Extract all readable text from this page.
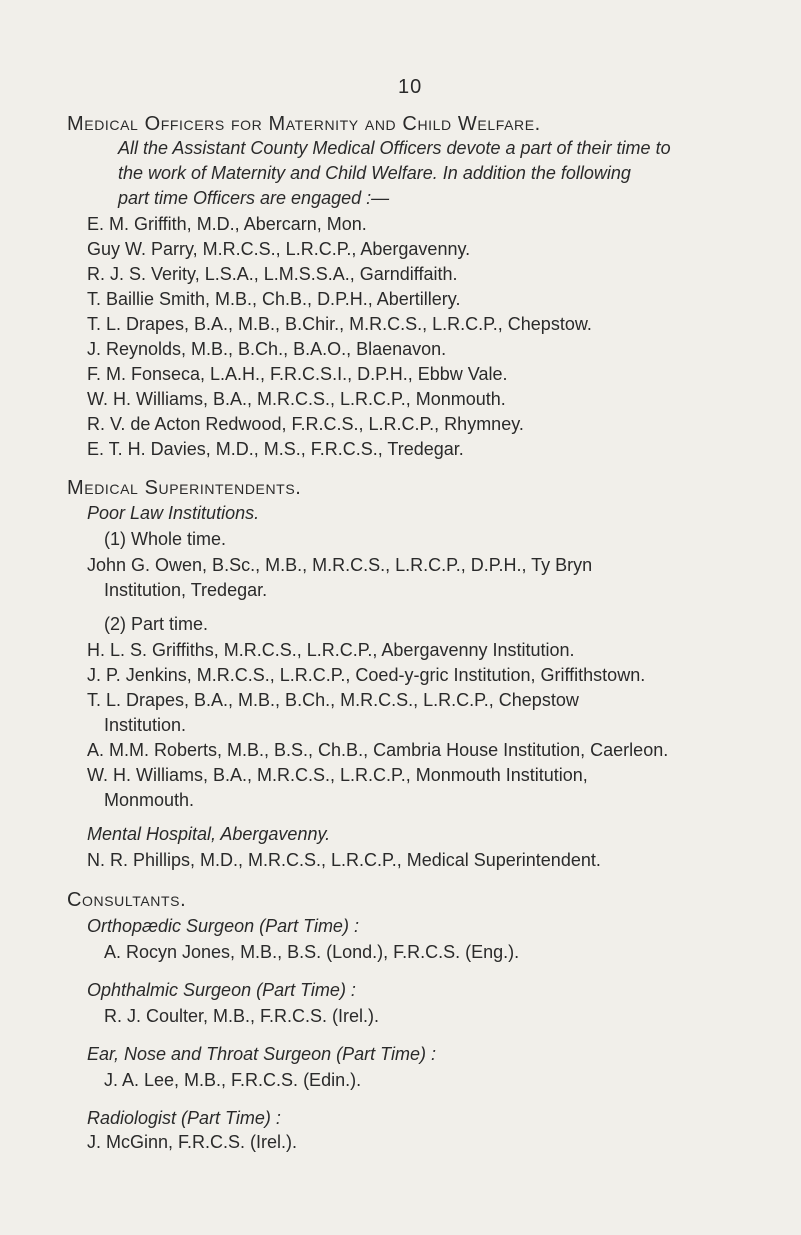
10
Medical Officers for Maternity and Child Welfare.
All the Assistant County Medical Officers devote a part of their time to
the work of Maternity and Child Welfare. In addition the following
part time Officers are engaged :—
E. M. Griffith, M.D., Abercarn, Mon.
Guy W. Parry, M.R.C.S., L.R.C.P., Abergavenny.
R. J. S. Verity, L.S.A., L.M.S.S.A., Garndiffaith.
T. Baillie Smith, M.B., Ch.B., D.P.H., Abertillery.
T. L. Drapes, B.A., M.B., B.Chir., M.R.C.S., L.R.C.P., Chepstow.
J. Reynolds, M.B., B.Ch., B.A.O., Blaenavon.
F. M. Fonseca, L.A.H., F.R.C.S.I., D.P.H., Ebbw Vale.
W. H. Williams, B.A., M.R.C.S., L.R.C.P., Monmouth.
R. V. de Acton Redwood, F.R.C.S., L.R.C.P., Rhymney.
E. T. H. Davies, M.D., M.S., F.R.C.S., Tredegar.
Medical Superintendents.
Poor Law Institutions.
(1) Whole time.
John G. Owen, B.Sc., M.B., M.R.C.S., L.R.C.P., D.P.H., Ty Bryn
Institution, Tredegar.
(2) Part time.
H. L. S. Griffiths, M.R.C.S., L.R.C.P., Abergavenny Institution.
J. P. Jenkins, M.R.C.S., L.R.C.P., Coed-y-gric Institution, Griffithstown.
T. L. Drapes, B.A., M.B., B.Ch., M.R.C.S., L.R.C.P., Chepstow
Institution.
A. M.M. Roberts, M.B., B.S., Ch.B., Cambria House Institution, Caerleon.
W. H. Williams, B.A., M.R.C.S., L.R.C.P., Monmouth Institution,
Monmouth.
Mental Hospital, Abergavenny.
N. R. Phillips, M.D., M.R.C.S., L.R.C.P., Medical Superintendent.
Consultants.
Orthopædic Surgeon (Part Time) :
A. Rocyn Jones, M.B., B.S. (Lond.), F.R.C.S. (Eng.).
Ophthalmic Surgeon (Part Time) :
R. J. Coulter, M.B., F.R.C.S. (Irel.).
Ear, Nose and Throat Surgeon (Part Time) :
J. A. Lee, M.B., F.R.C.S. (Edin.).
Radiologist (Part Time) :
J. McGinn, F.R.C.S. (Irel.).
